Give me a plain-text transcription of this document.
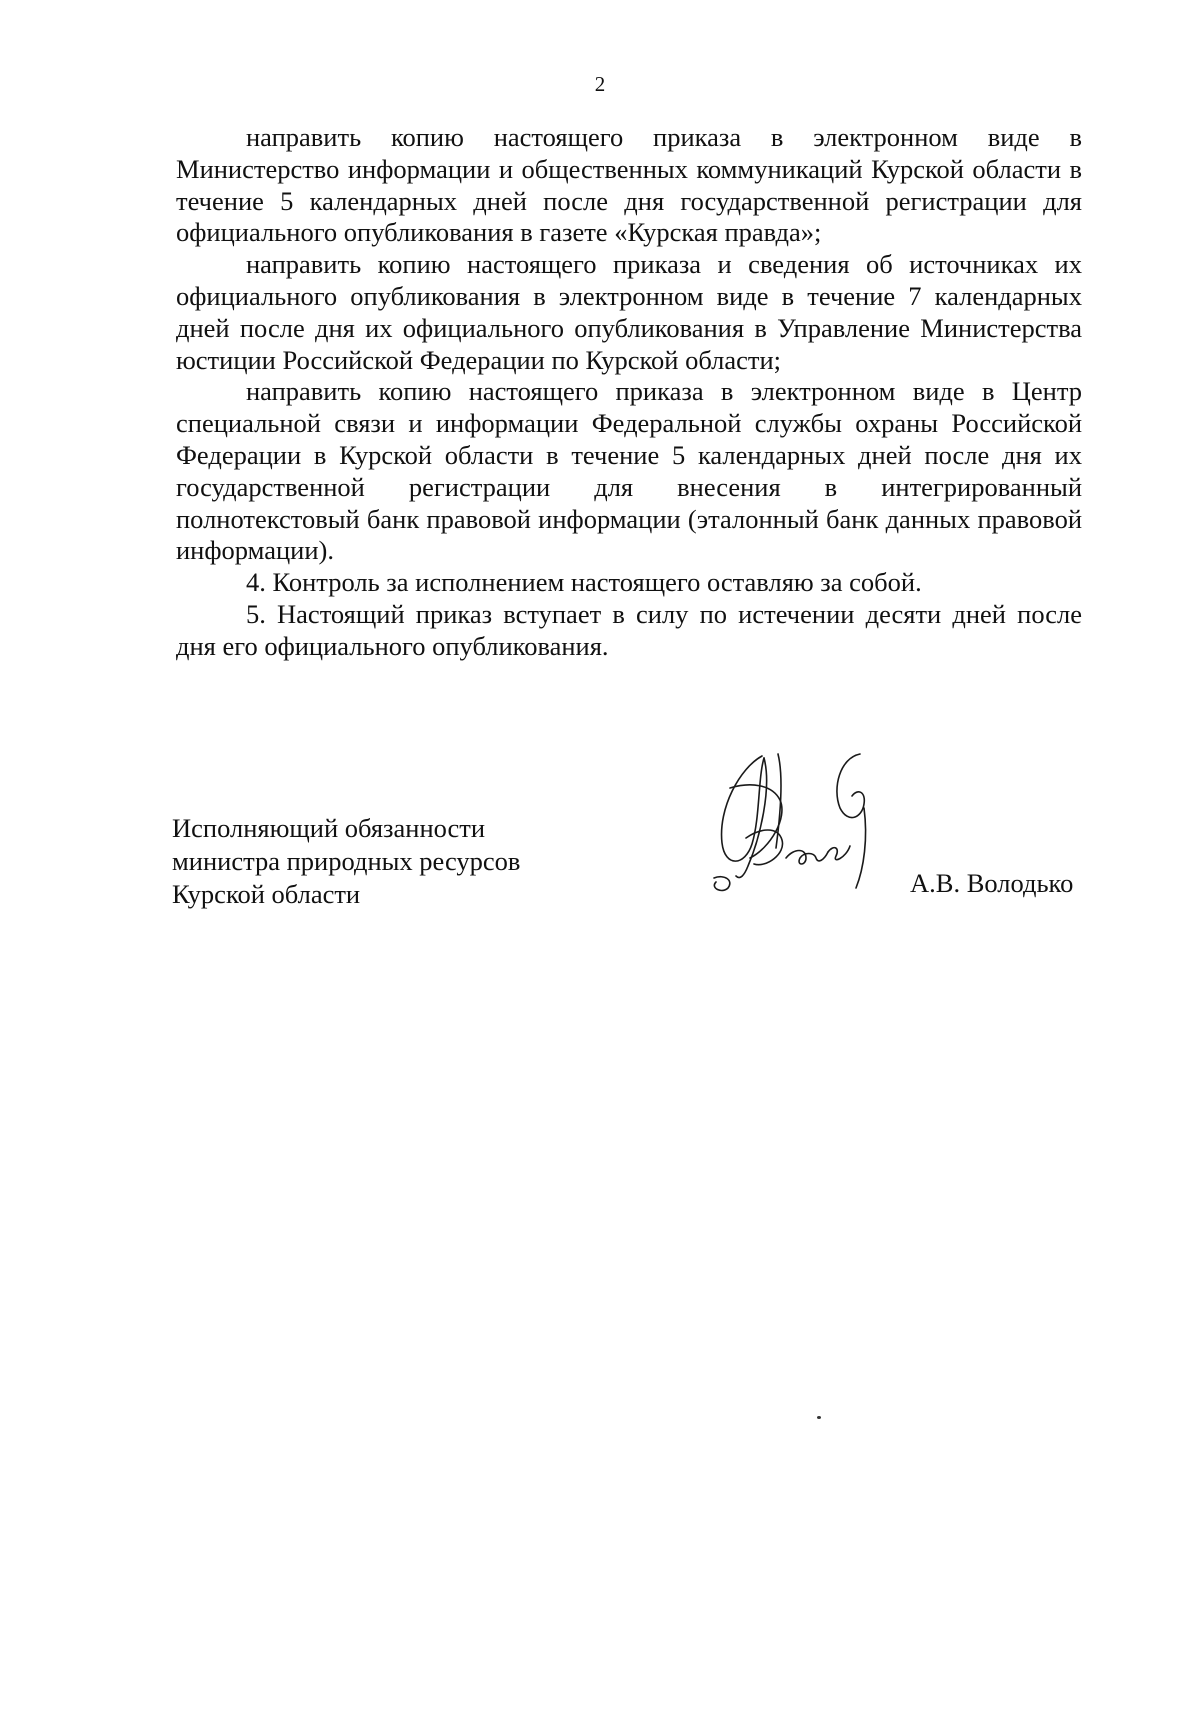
2

направить копию настоящего приказа в электронном виде в Министерство информации и общественных коммуникаций Курской области в течение 5 календарных дней после дня государственной регистрации для официального опубликования в газете «Курская правда»;

направить копию настоящего приказа и сведения об источниках их официального опубликования в электронном виде в течение 7 календарных дней после дня их официального опубликования в Управление Министерства юстиции Российской Федерации по Курской области;

направить копию настоящего приказа в электронном виде в Центр специальной связи и информации Федеральной службы охраны Российской Федерации в Курской области в течение 5 календарных дней после дня их государственной регистрации для внесения в интегрированный полнотекстовый банк правовой информации (эталонный банк данных правовой информации).

4. Контроль за исполнением настоящего оставляю за собой.

5. Настоящий приказ вступает в силу по истечении десяти дней после дня его официального опубликования.

Исполняющий обязанности
министра природных ресурсов
Курской области	А.В. Володько
